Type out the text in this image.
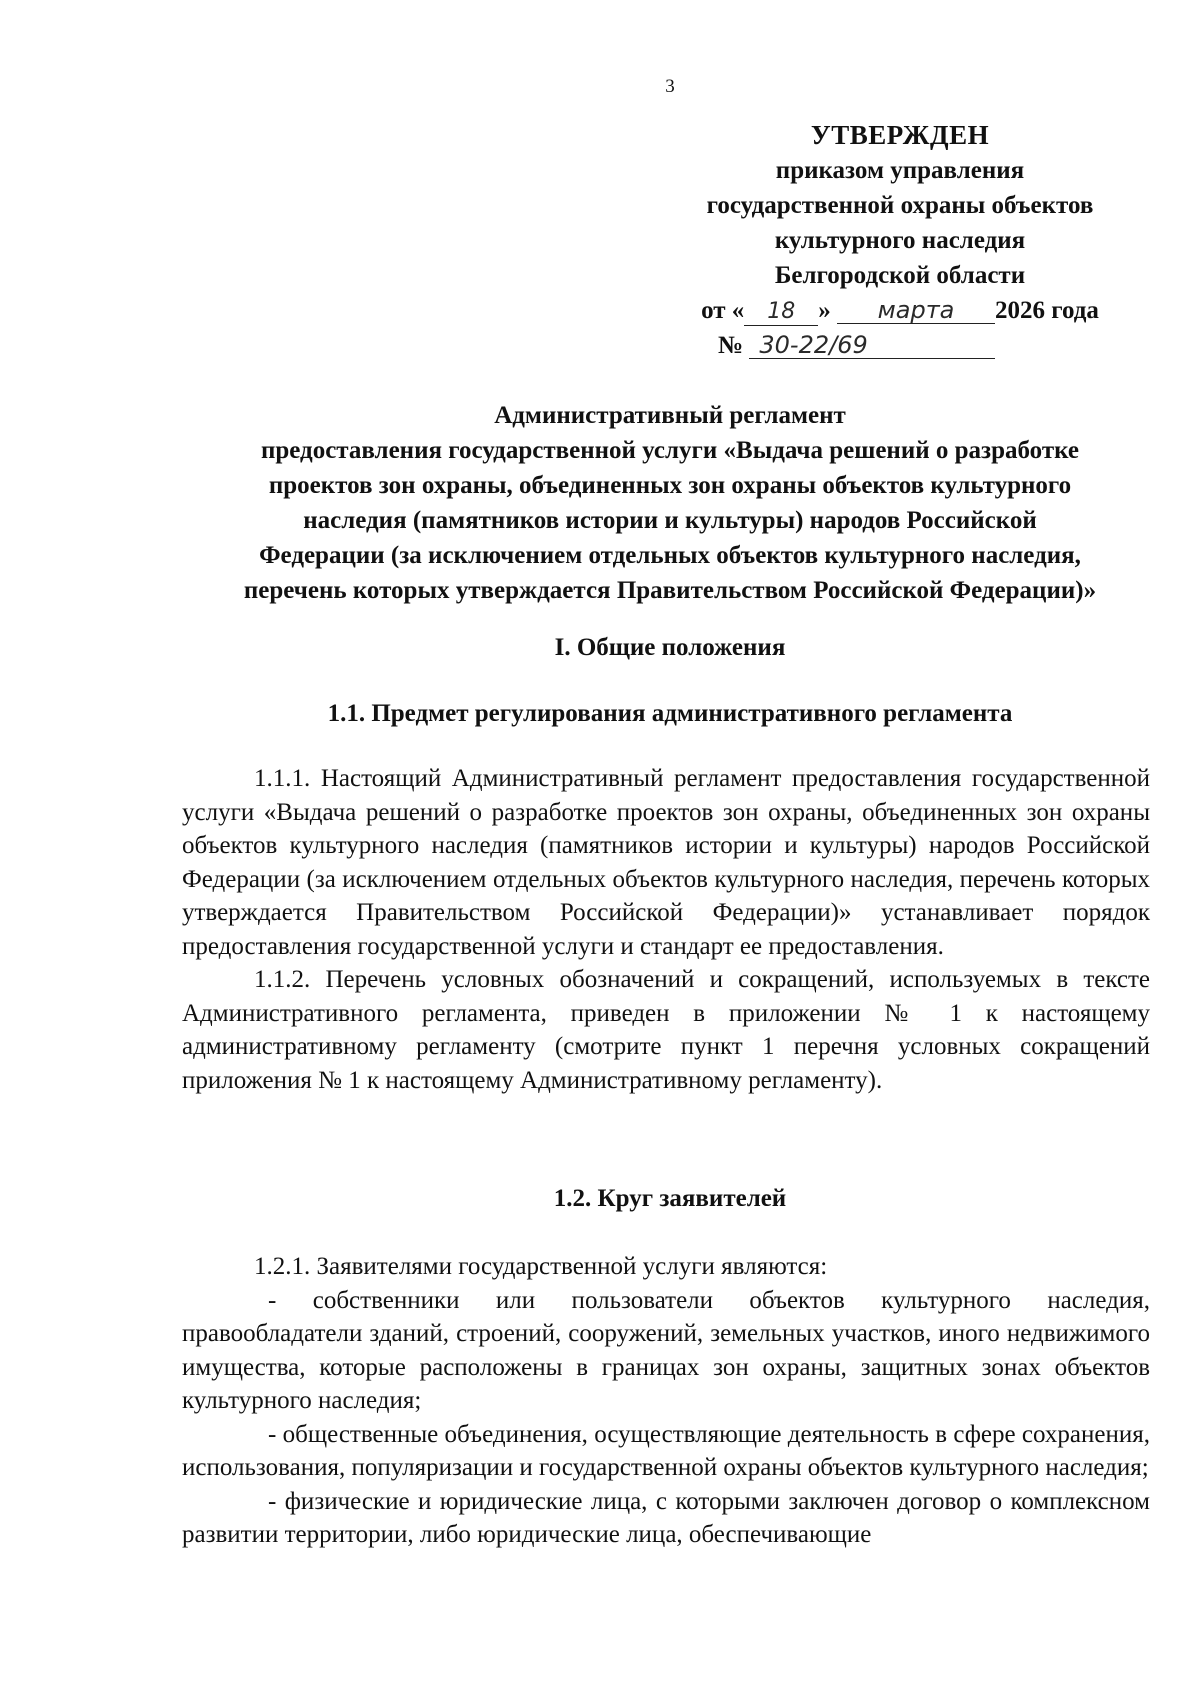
3
УТВЕРЖДЕН
приказом управления
государственной охраны объектов
культурного наследия
Белгородской области
от « 18 » марта 2026 года
№ 30-22/69
Административный регламент
предоставления государственной услуги «Выдача решений о разработке
проектов зон охраны, объединенных зон охраны объектов культурного
наследия (памятников истории и культуры) народов Российской
Федерации (за исключением отдельных объектов культурного наследия,
перечень которых утверждается Правительством Российской Федерации)»
I. Общие положения
1.1. Предмет регулирования административного регламента

1.1.1. Настоящий Административный регламент предоставления государственной услуги «Выдача решений о разработке проектов зон охраны, объединенных зон охраны объектов культурного наследия (памятников истории и культуры) народов Российской Федерации (за исключением отдельных объектов культурного наследия, перечень которых утверждается Правительством Российской Федерации)» устанавливает порядок предоставления государственной услуги и стандарт ее предоставления.

1.1.2. Перечень условных обозначений и сокращений, используемых в тексте Административного регламента, приведен в приложении № 1 к настоящему административному регламенту (смотрите пункт 1 перечня условных сокращений приложения № 1 к настоящему Административному регламенту).

1.2. Круг заявителей

1.2.1. Заявителями государственной услуги являются:

- собственники или пользователи объектов культурного наследия, правообладатели зданий, строений, сооружений, земельных участков, иного недвижимого имущества, которые расположены в границах зон охраны, защитных зонах объектов культурного наследия;

- общественные объединения, осуществляющие деятельность в сфере сохранения, использования, популяризации и государственной охраны объектов культурного наследия;

- физические и юридические лица, с которыми заключен договор о комплексном развитии территории, либо юридические лица, обеспечивающие
